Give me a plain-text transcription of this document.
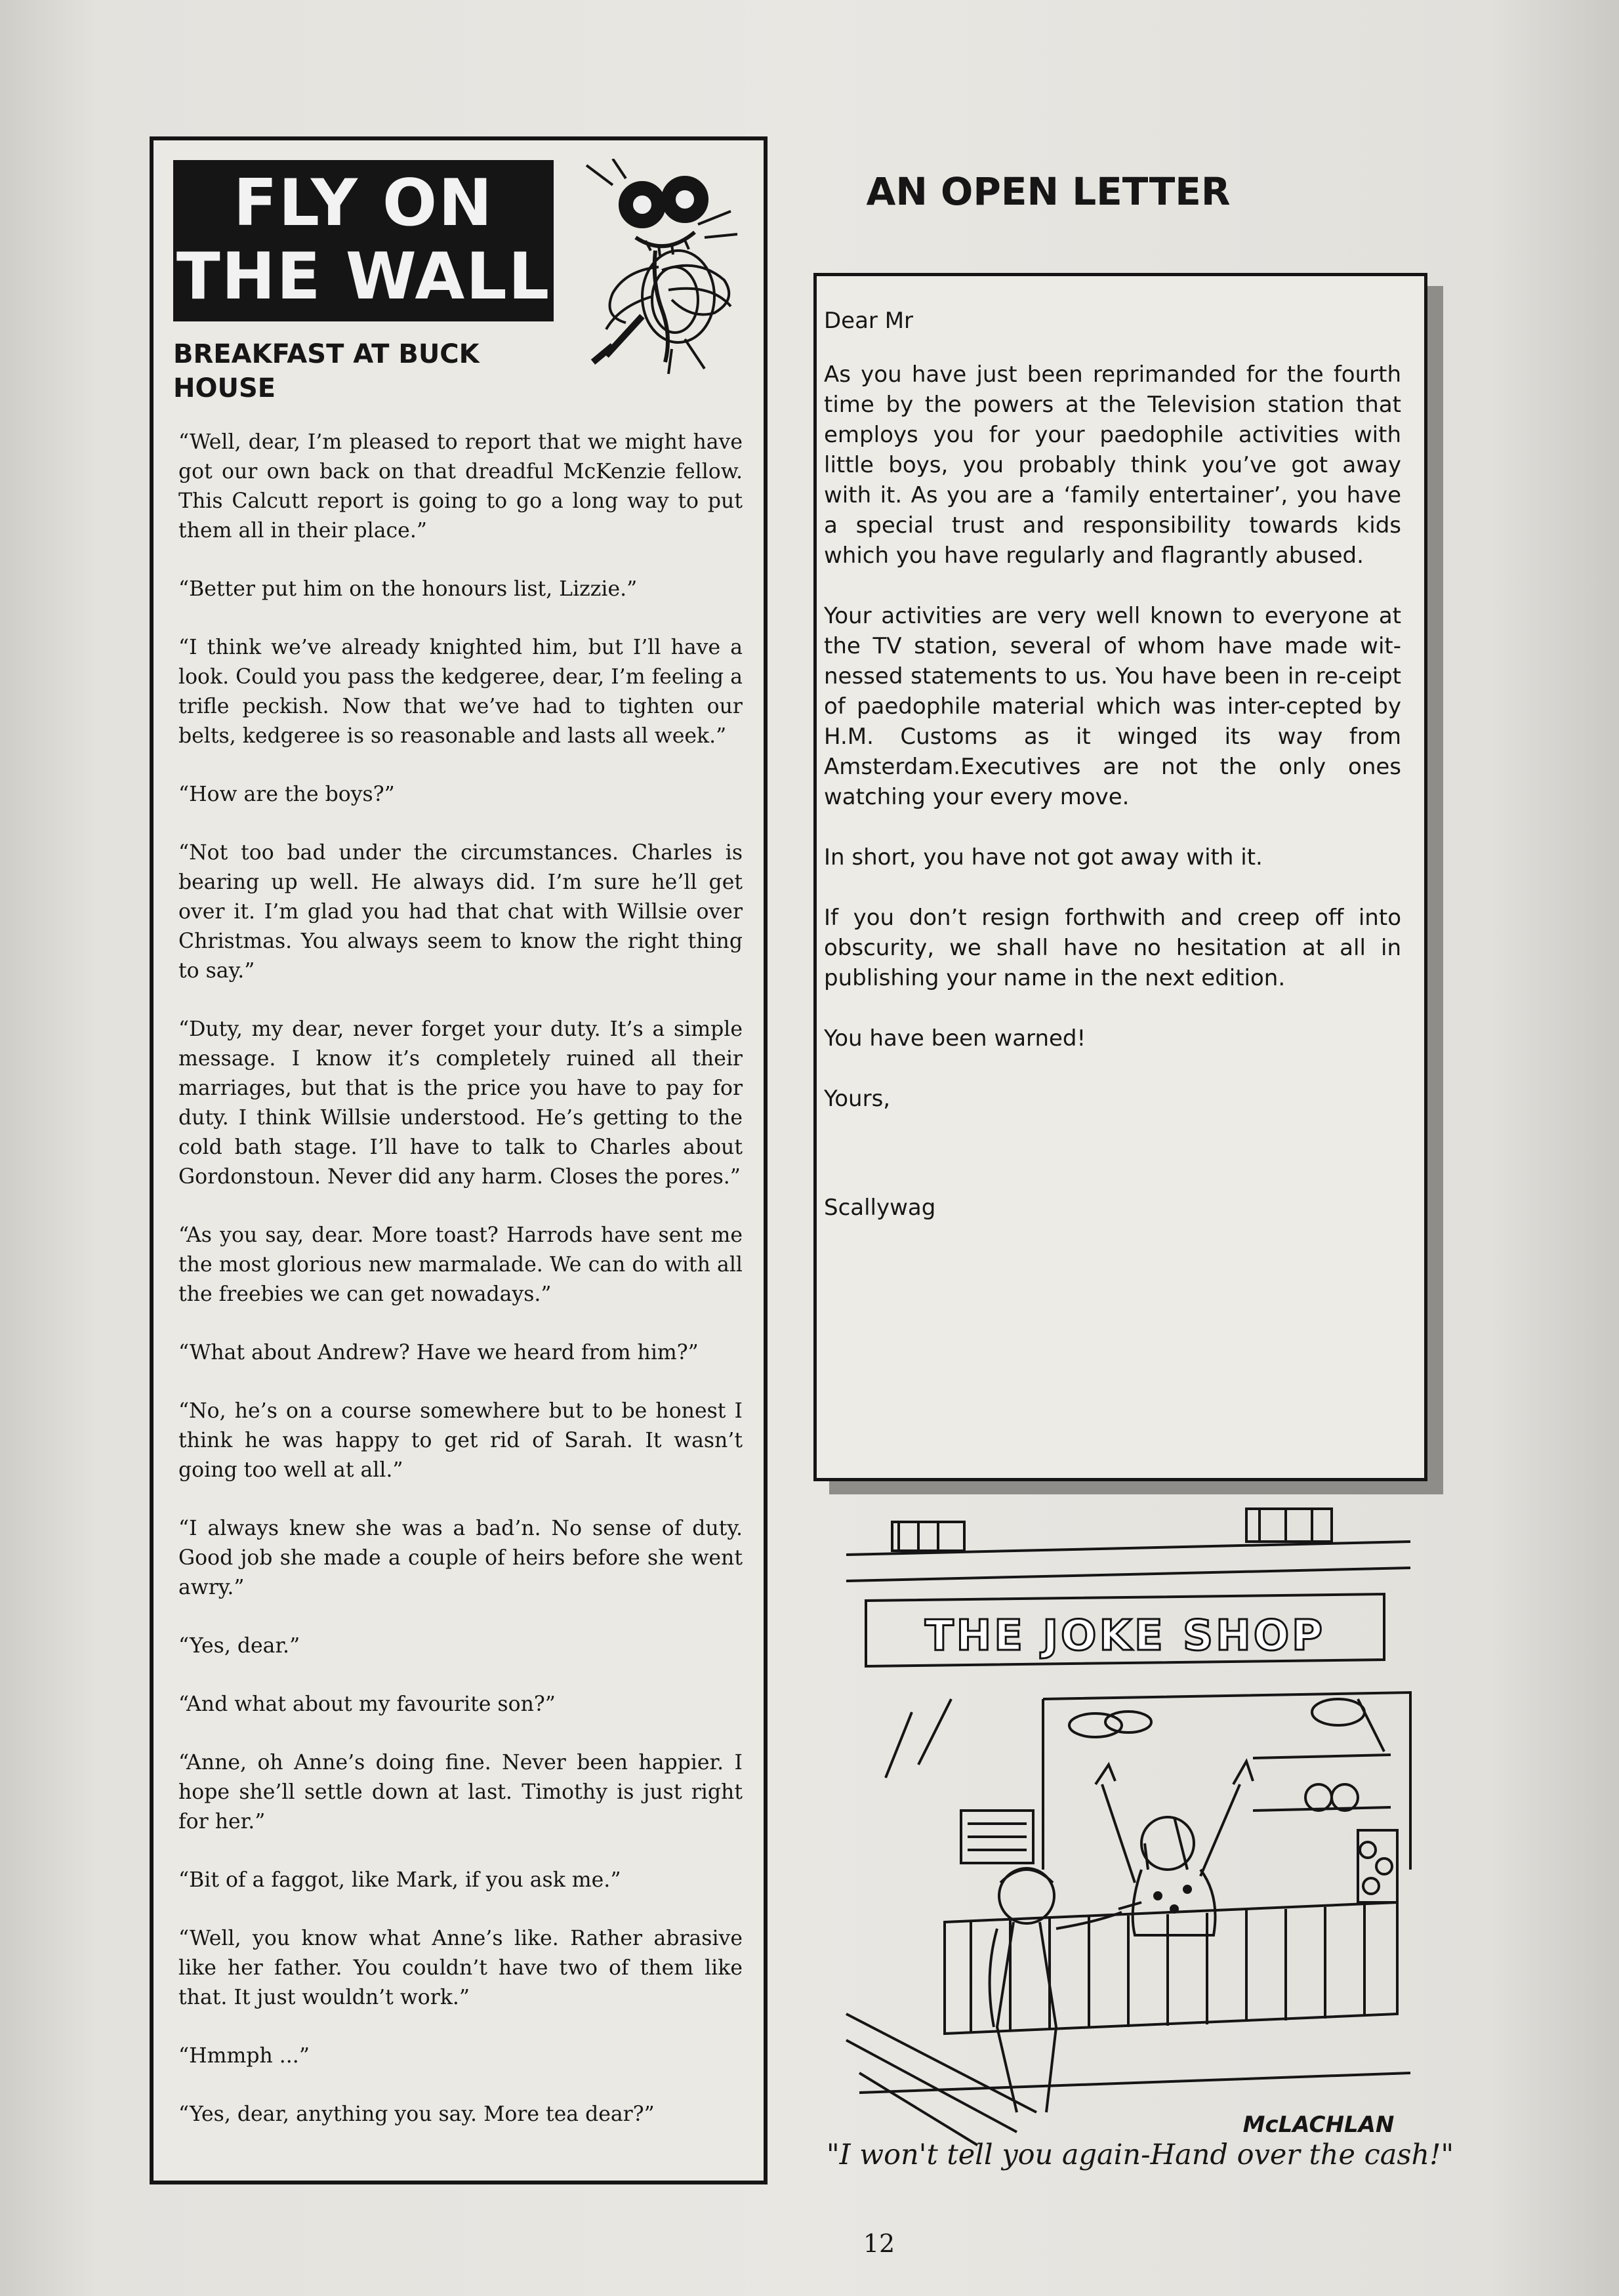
FLY ON
THE WALL
BREAKFAST AT BUCK HOUSE

“Well, dear, I’m pleased to report that we might have got our own back on that dreadful McKenzie fellow. This Calcutt report is going to go a long way to put them all in their place.”

“Better put him on the honours list, Lizzie.”

“I think we’ve already knighted him, but I’ll have a look. Could you pass the kedgeree, dear, I’m feeling a trifle peckish. Now that we’ve had to tighten our belts, kedgeree is so reasonable and lasts all week.”

“How are the boys?”

“Not too bad under the circumstances. Charles is bearing up well. He always did. I’m sure he’ll get over it. I’m glad you had that chat with Willsie over Christmas. You always seem to know the right thing to say.”

“Duty, my dear, never forget your duty. It’s a simple message. I know it’s completely ruined all their marriages, but that is the price you have to pay for duty. I think Willsie understood. He’s getting to the cold bath stage. I’ll have to talk to Charles about Gordonstoun. Never did any harm. Closes the pores.”

“As you say, dear. More toast? Harrods have sent me the most glorious new marmalade. We can do with all the freebies we can get nowadays.”

“What about Andrew? Have we heard from him?”

“No, he’s on a course somewhere but to be honest I think he was happy to get rid of Sarah. It wasn’t going too well at all.”

“I always knew she was a bad’n. No sense of duty. Good job she made a couple of heirs before she went awry.”

“Yes, dear.”

“And what about my favourite son?”

“Anne, oh Anne’s doing fine. Never been happier. I hope she’ll settle down at last. Timothy is just right for her.”

“Bit of a faggot, like Mark, if you ask me.”

“Well, you know what Anne’s like. Rather abrasive like her father. You couldn’t have two of them like that. It just wouldn’t work.”

“Hmmph ...”

“Yes, dear, anything you say. More tea dear?”

AN OPEN LETTER

Dear Mr

As you have just been reprimanded for the fourth time by the powers at the Television station that employs you for your paedophile activities with little boys, you probably think you’ve got away with it. As you are a ‘family entertainer’, you have a special trust and responsibility towards kids which you have regularly and flagrantly abused.

Your activities are very well known to everyone at the TV station, several of whom have made wit-nessed statements to us. You have been in re-ceipt of paedophile material which was inter-cepted by H.M. Customs as it winged its way from Amsterdam.Executives are not the only ones watching your every move.

In short, you have not got away with it.

If you don’t resign forthwith and creep off into obscurity, we shall have no hesitation at all in publishing your name in the next edition.

You have been warned!

Yours,

Scallywag

THE JOKE SHOP
McLACHLAN

"I won't tell you again-Hand over the cash!"

12
